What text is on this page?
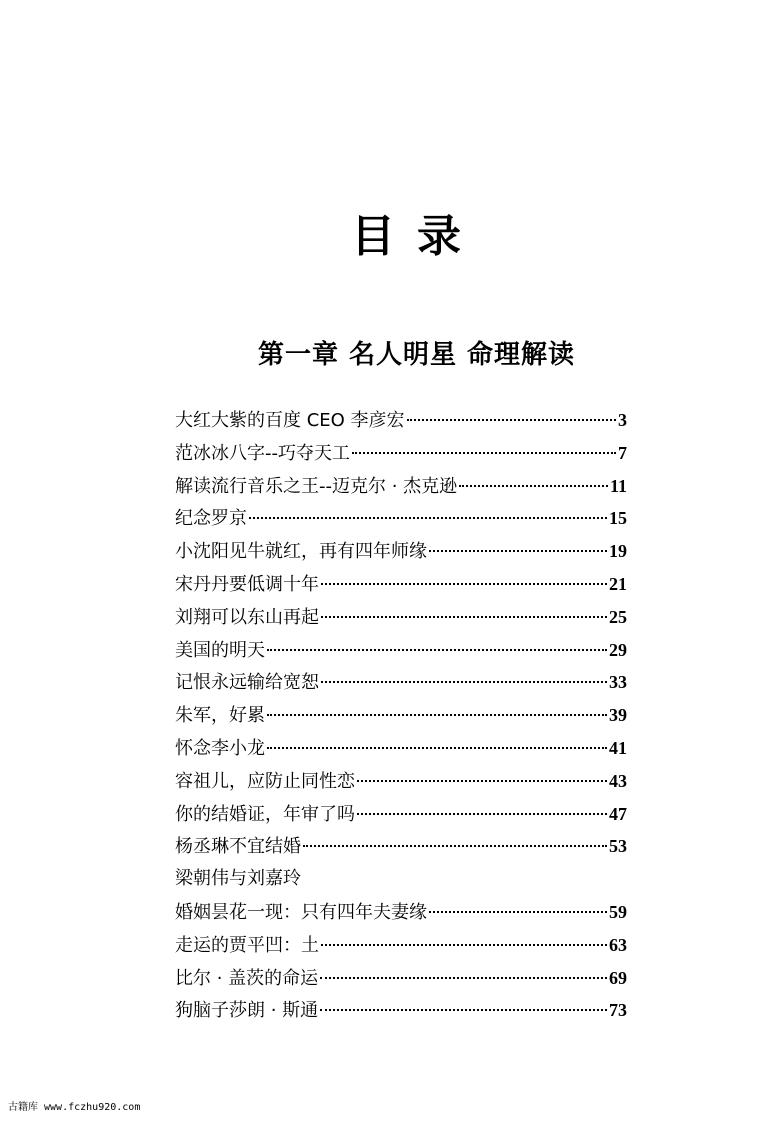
目录
第一章 名人明星 命理解读
大红大紫的百度 CEO 李彦宏	3
范冰冰八字--巧夺天工	7
解读流行音乐之王--迈克尔 · 杰克逊	11
纪念罗京	15
小沈阳见牛就红，再有四年师缘	19
宋丹丹要低调十年	21
刘翔可以东山再起	25
美国的明天	29
记恨永远输给宽恕	33
朱军，好累	39
怀念李小龙	41
容祖儿，应防止同性恋	43
你的结婚证，年审了吗	47
杨丞琳不宜结婚	53
梁朝伟与刘嘉玲
婚姻昙花一现：只有四年夫妻缘	59
走运的贾平凹：土	63
比尔 · 盖茨的命运	69
狗脑子莎朗 · 斯通	73
古籍库 www.fczhu920.com
